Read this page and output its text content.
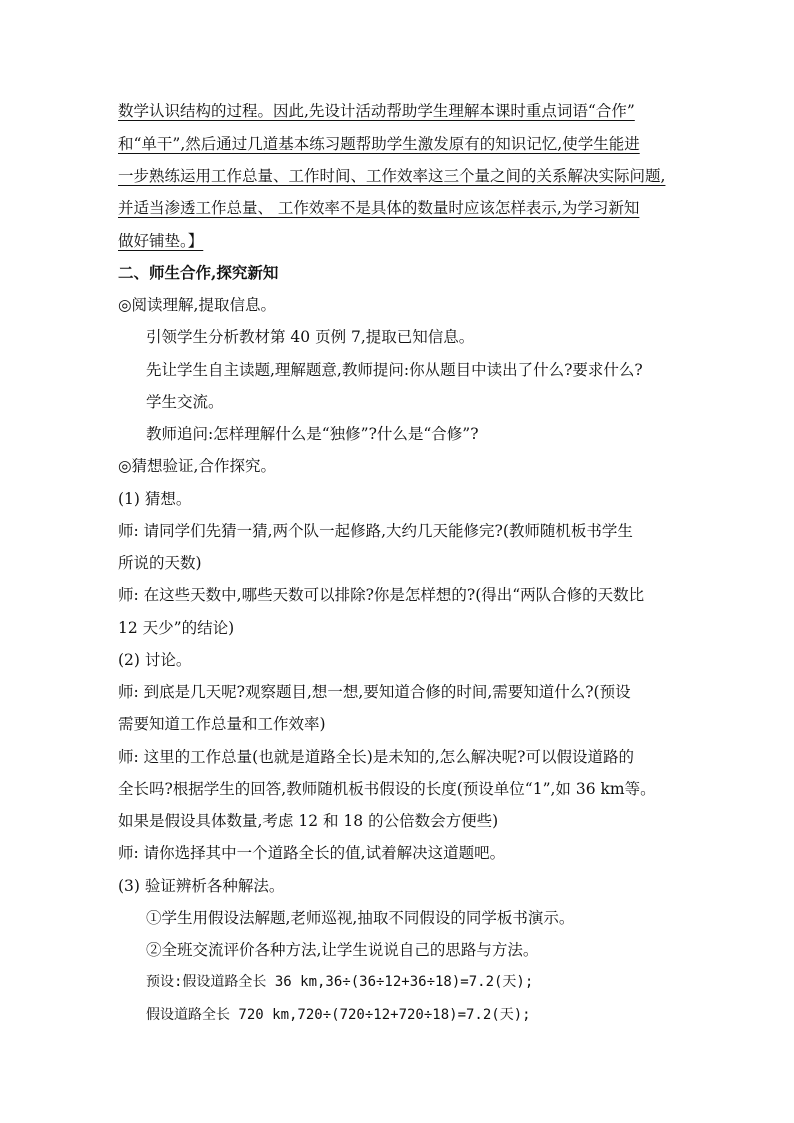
数学认识结构的过程。因此,先设计活动帮助学生理解本课时重点词语“合作”
和“单干”,然后通过几道基本练习题帮助学生激发原有的知识记忆,使学生能进
一步熟练运用工作总量、工作时间、工作效率这三个量之间的关系解决实际问题,
并适当渗透工作总量、 工作效率不是具体的数量时应该怎样表示,为学习新知
做好铺垫。】
二、师生合作,探究新知
◎阅读理解,提取信息。
引领学生分析教材第 40 页例 7,提取已知信息。
先让学生自主读题,理解题意,教师提问:你从题目中读出了什么?要求什么?
学生交流。
教师追问:怎样理解什么是“独修”?什么是“合修”?
◎猜想验证,合作探究。
(1) 猜想。
师: 请同学们先猜一猜,两个队一起修路,大约几天能修完?(教师随机板书学生
所说的天数)
师: 在这些天数中,哪些天数可以排除?你是怎样想的?(得出“两队合修的天数比
12 天少”的结论)
(2) 讨论。
师: 到底是几天呢?观察题目,想一想,要知道合修的时间,需要知道什么?(预设
需要知道工作总量和工作效率)
师: 这里的工作总量(也就是道路全长)是未知的,怎么解决呢?可以假设道路的
全长吗?根据学生的回答,教师随机板书假设的长度(预设单位“1”,如 36 km等。
如果是假设具体数量,考虑 12 和 18 的公倍数会方便些)
师: 请你选择其中一个道路全长的值,试着解决这道题吧。
(3) 验证辨析各种解法。
①学生用假设法解题,老师巡视,抽取不同假设的同学板书演示。
②全班交流评价各种方法,让学生说说自己的思路与方法。
预设:假设道路全长 36 km,36÷(36÷12+36÷18)=7.2(天);
假设道路全长 720 km,720÷(720÷12+720÷18)=7.2(天);
